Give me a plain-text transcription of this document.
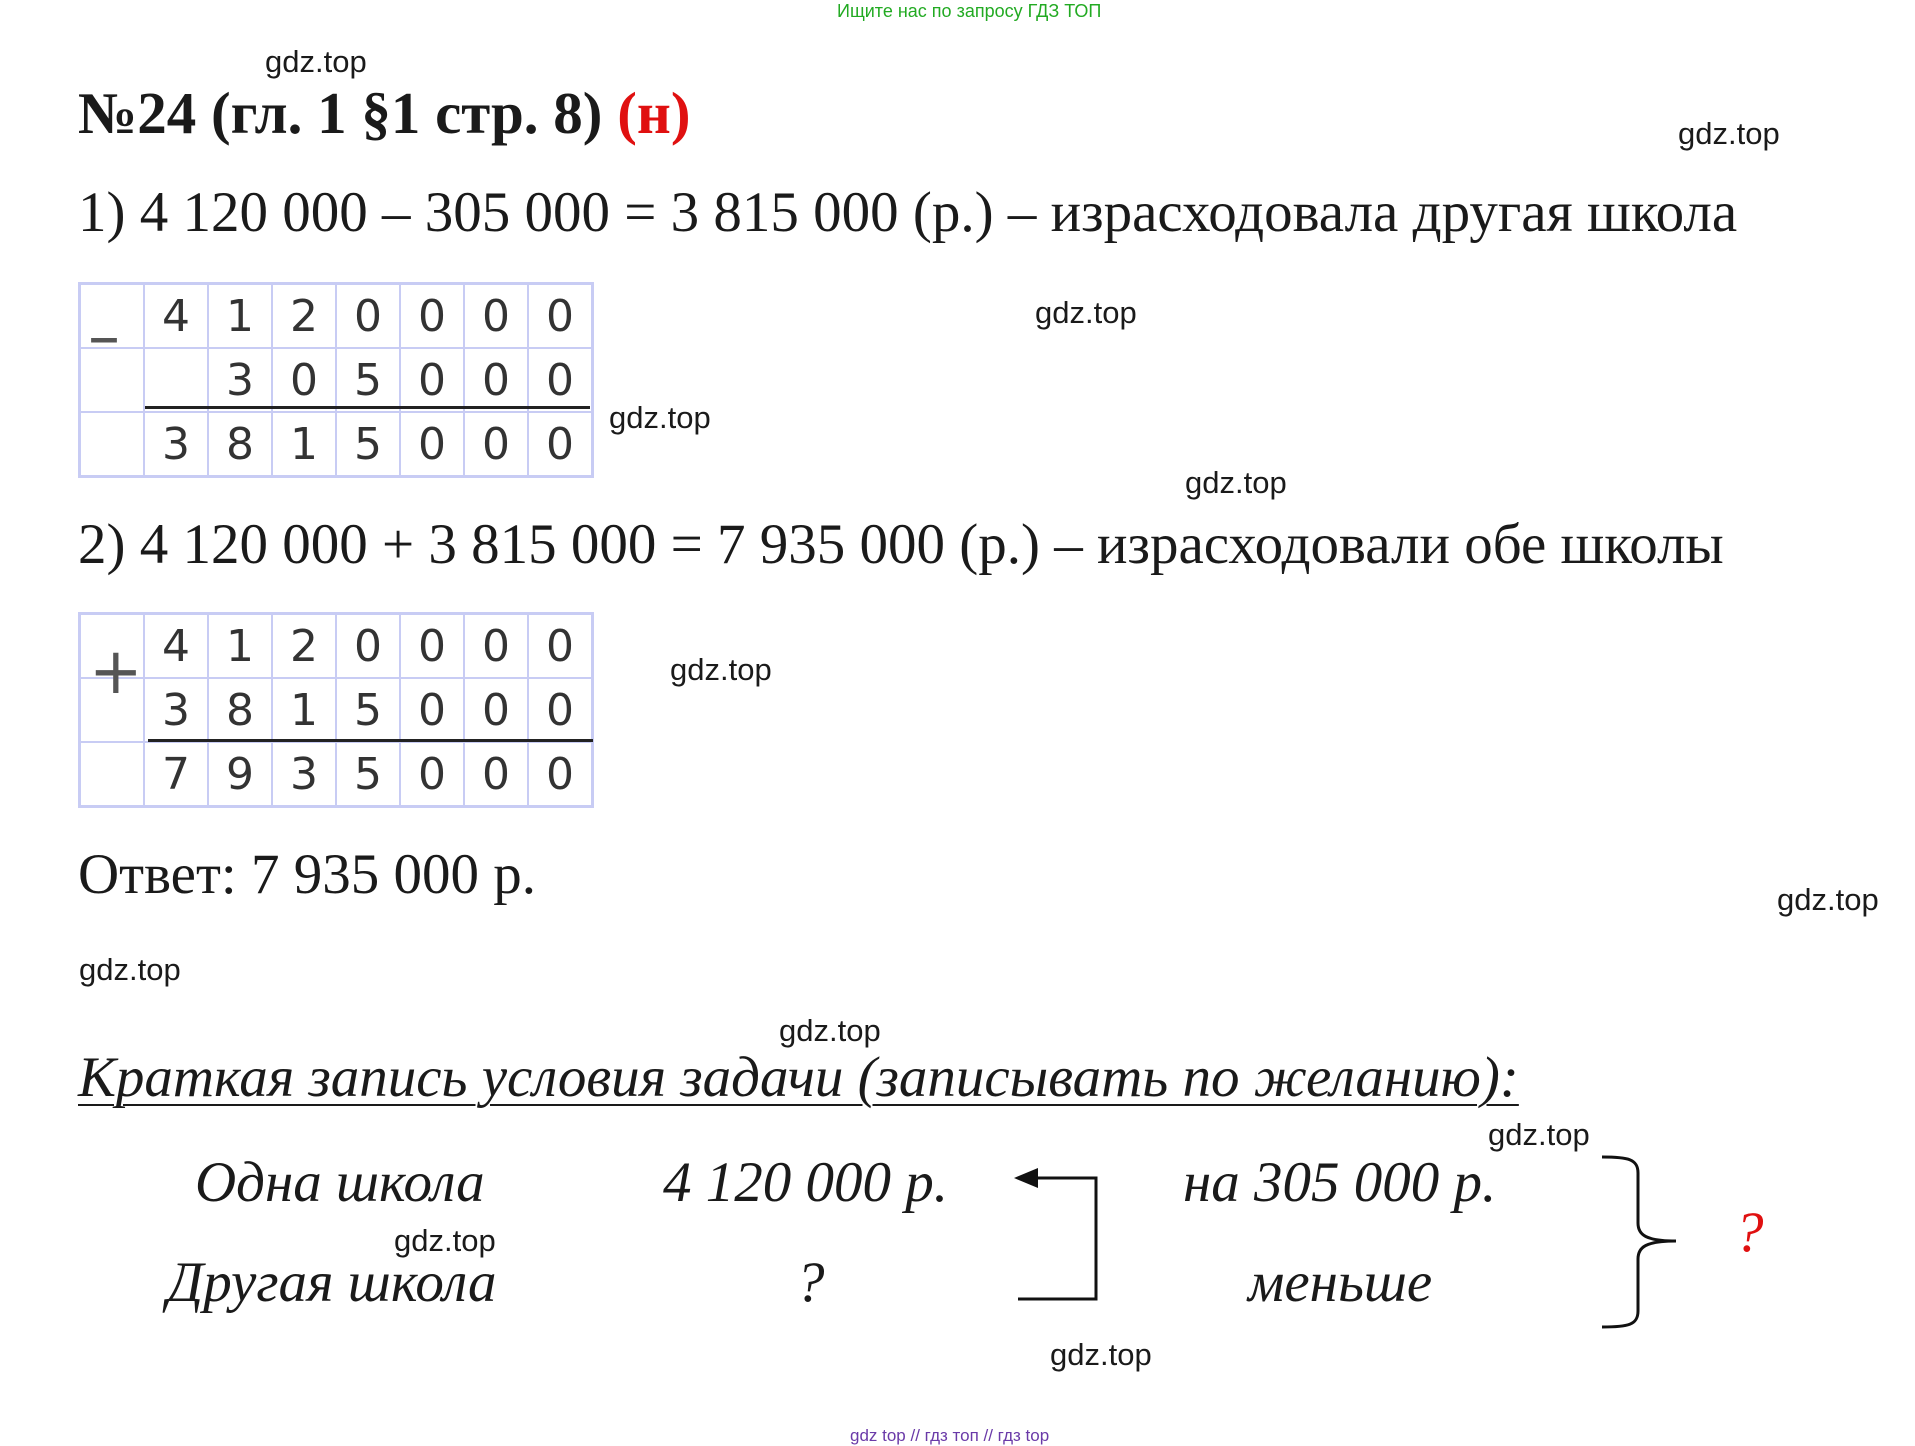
Ищите нас по запросу ГДЗ ТОП
gdz.top
gdz.top
gdz.top
gdz.top
gdz.top
gdz.top
gdz.top
gdz.top
gdz.top
gdz.top
gdz.top
gdz.top
№24 (гл. 1 §1 стр. 8) (н)
1) 4 120 000 – 305 000 = 3 815 000 (р.) – израсходовала другая школа
	4	1	2	0	0	0	0
		3	0	5	0	0	0
	3	8	1	5	0	0	0
–
2) 4 120 000 + 3 815 000 = 7 935 000 (р.) – израсходовали обе школы
	4	1	2	0	0	0	0
	3	8	1	5	0	0	0
	7	9	3	5	0	0	0
+
Ответ: 7 935 000 р.
Краткая запись условия задачи (записывать по желанию):
Одна школа
Другая школа
4 120 000 р.
?
на 305 000 р.
меньше
?
gdz top // гдз топ // гдз top
